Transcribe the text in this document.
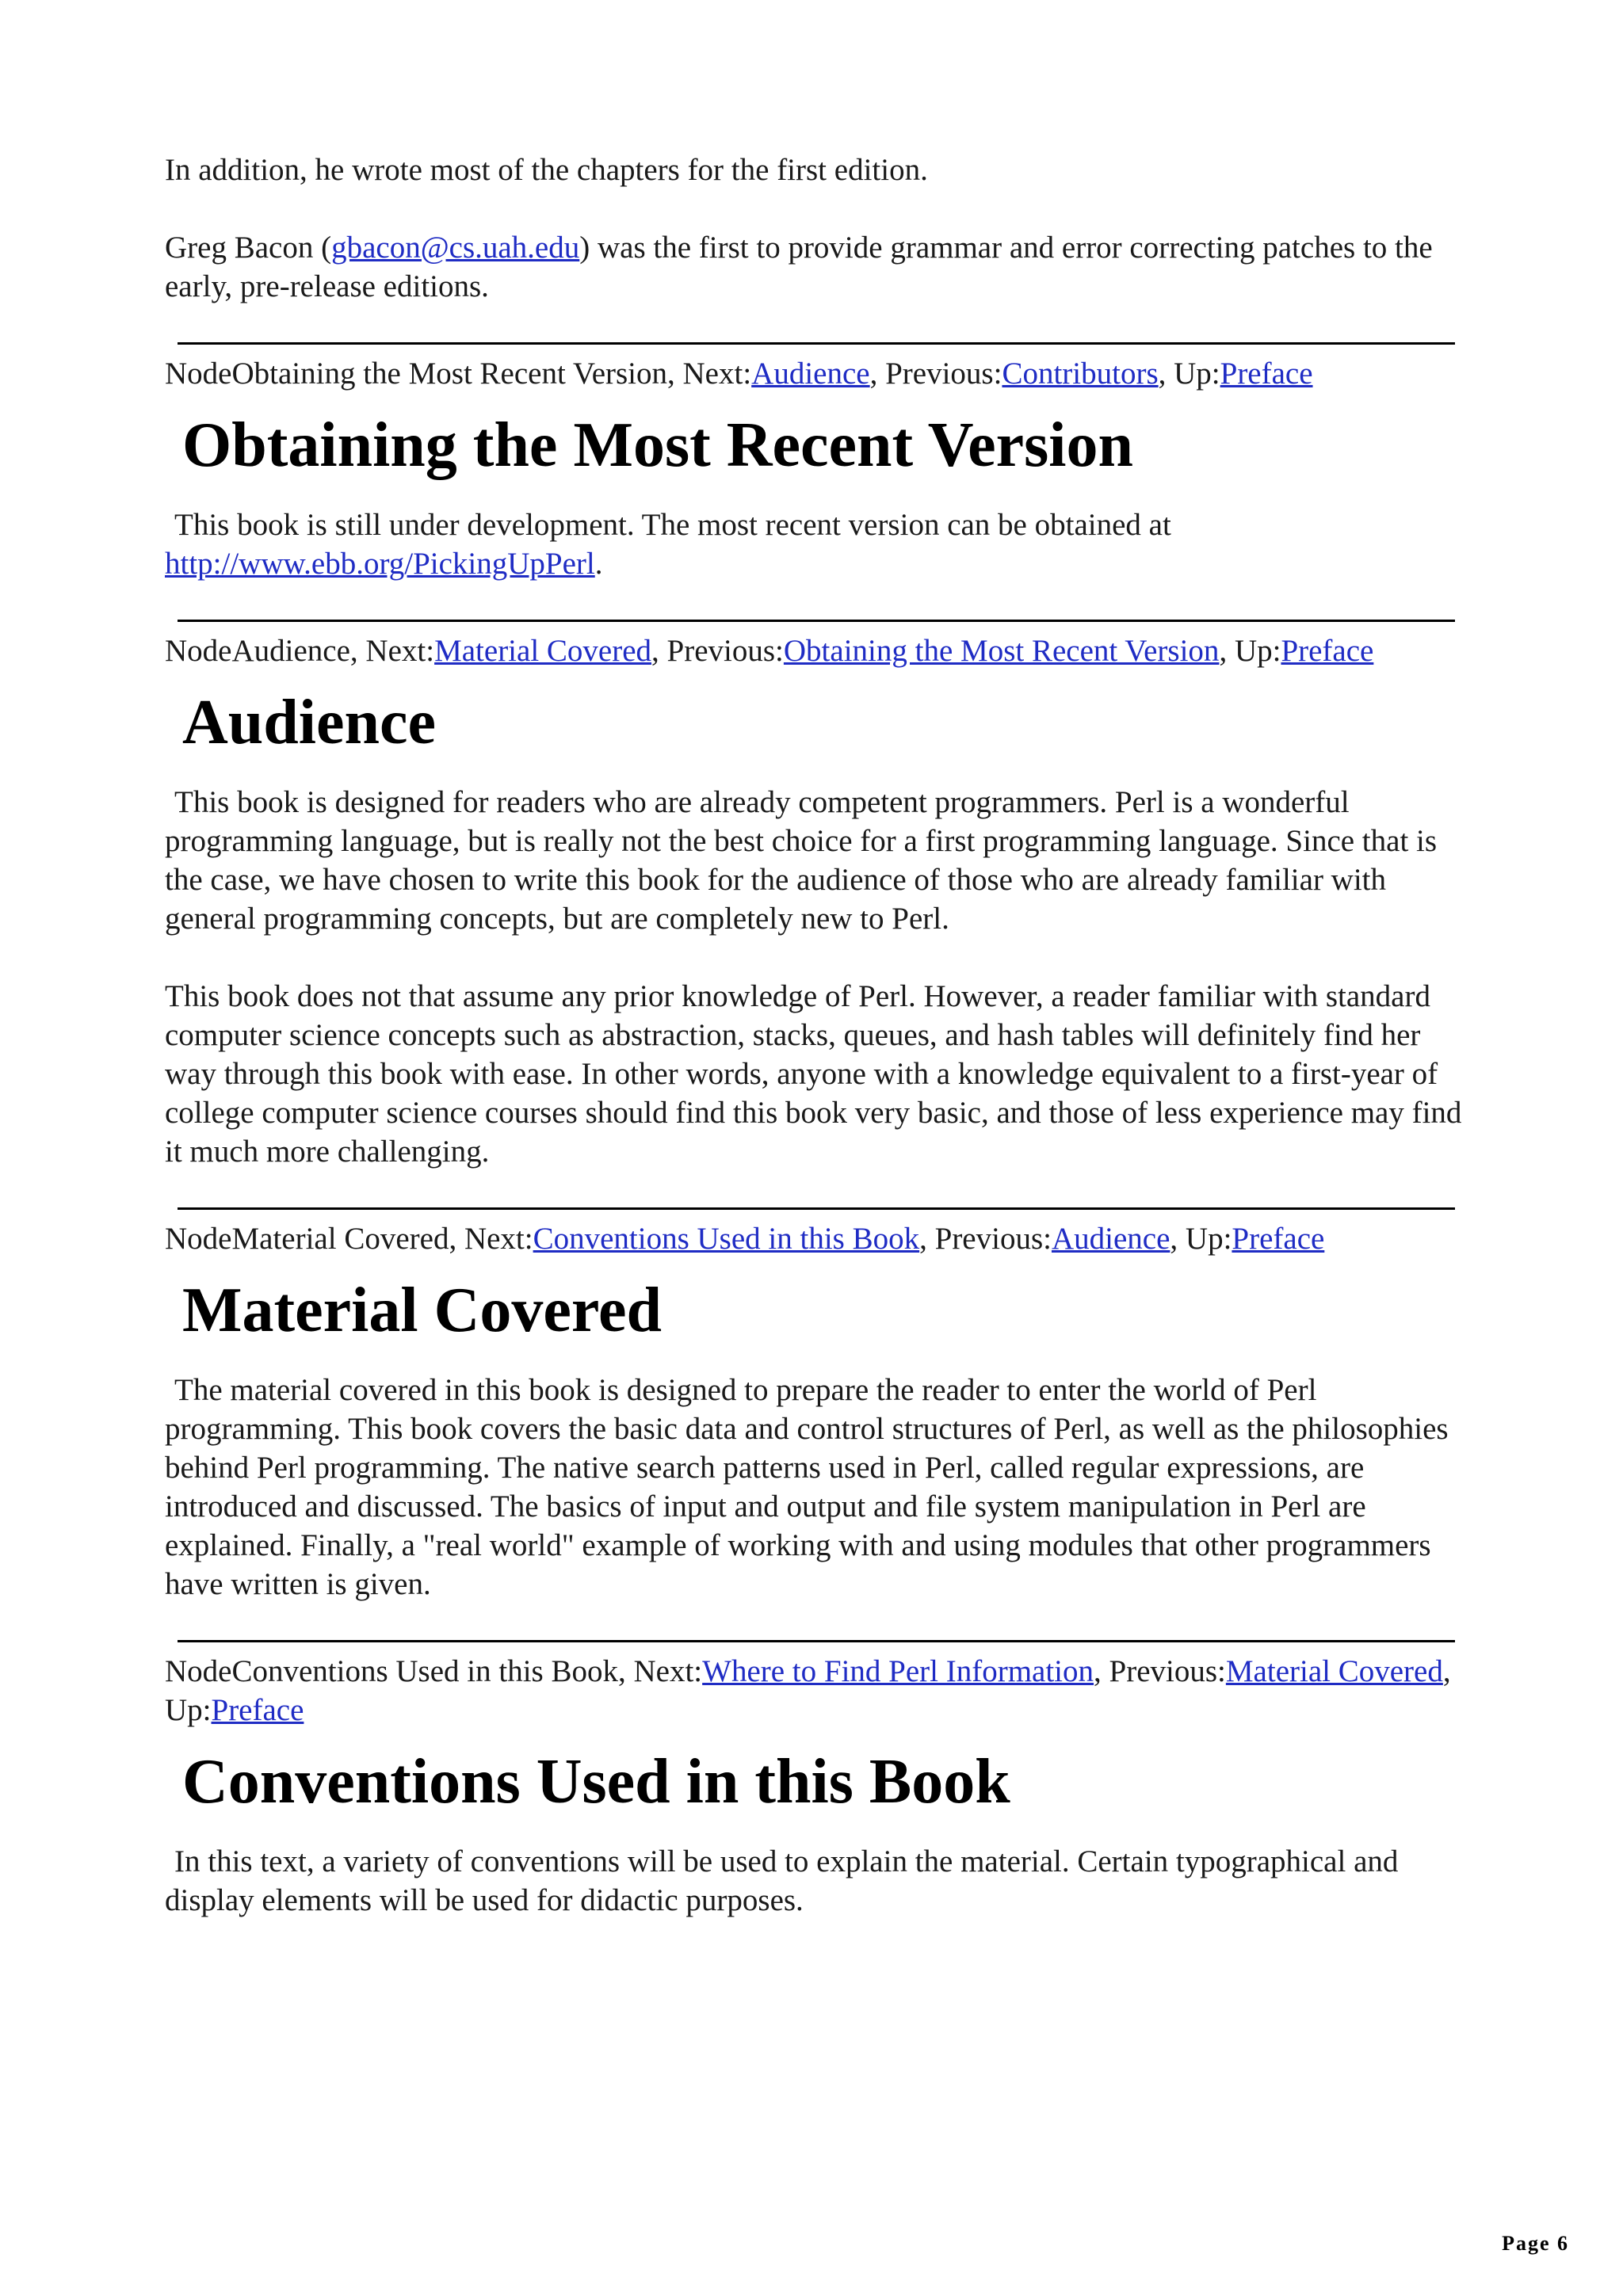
In addition, he wrote most of the chapters for the first edition.

Greg Bacon (gbacon@cs.uah.edu) was the first to provide grammar and error correcting patches to the early, pre-release editions.

NodeObtaining the Most Recent Version, Next:Audience, Previous:Contributors, Up:Preface

Obtaining the Most Recent Version

This book is still under development. The most recent version can be obtained at
http://www.ebb.org/PickingUpPerl.

NodeAudience, Next:Material Covered, Previous:Obtaining the Most Recent Version, Up:Preface

Audience

This book is designed for readers who are already competent programmers. Perl is a wonderful programming language, but is really not the best choice for a first programming language. Since that is the case, we have chosen to write this book for the audience of those who are already familiar with general programming concepts, but are completely new to Perl.

This book does not that assume any prior knowledge of Perl. However, a reader familiar with standard computer science concepts such as abstraction, stacks, queues, and hash tables will definitely find her way through this book with ease. In other words, anyone with a knowledge equivalent to a first-year of college computer science courses should find this book very basic, and those of less experience may find it much more challenging.

NodeMaterial Covered, Next:Conventions Used in this Book, Previous:Audience, Up:Preface

Material Covered

The material covered in this book is designed to prepare the reader to enter the world of Perl programming. This book covers the basic data and control structures of Perl, as well as the philosophies behind Perl programming. The native search patterns used in Perl, called regular expressions, are introduced and discussed. The basics of input and output and file system manipulation in Perl are explained. Finally, a "real world" example of working with and using modules that other programmers have written is given.

NodeConventions Used in this Book, Next:Where to Find Perl Information, Previous:Material Covered, Up:Preface

Conventions Used in this Book

In this text, a variety of conventions will be used to explain the material. Certain typographical and display elements will be used for didactic purposes.

Page 6
